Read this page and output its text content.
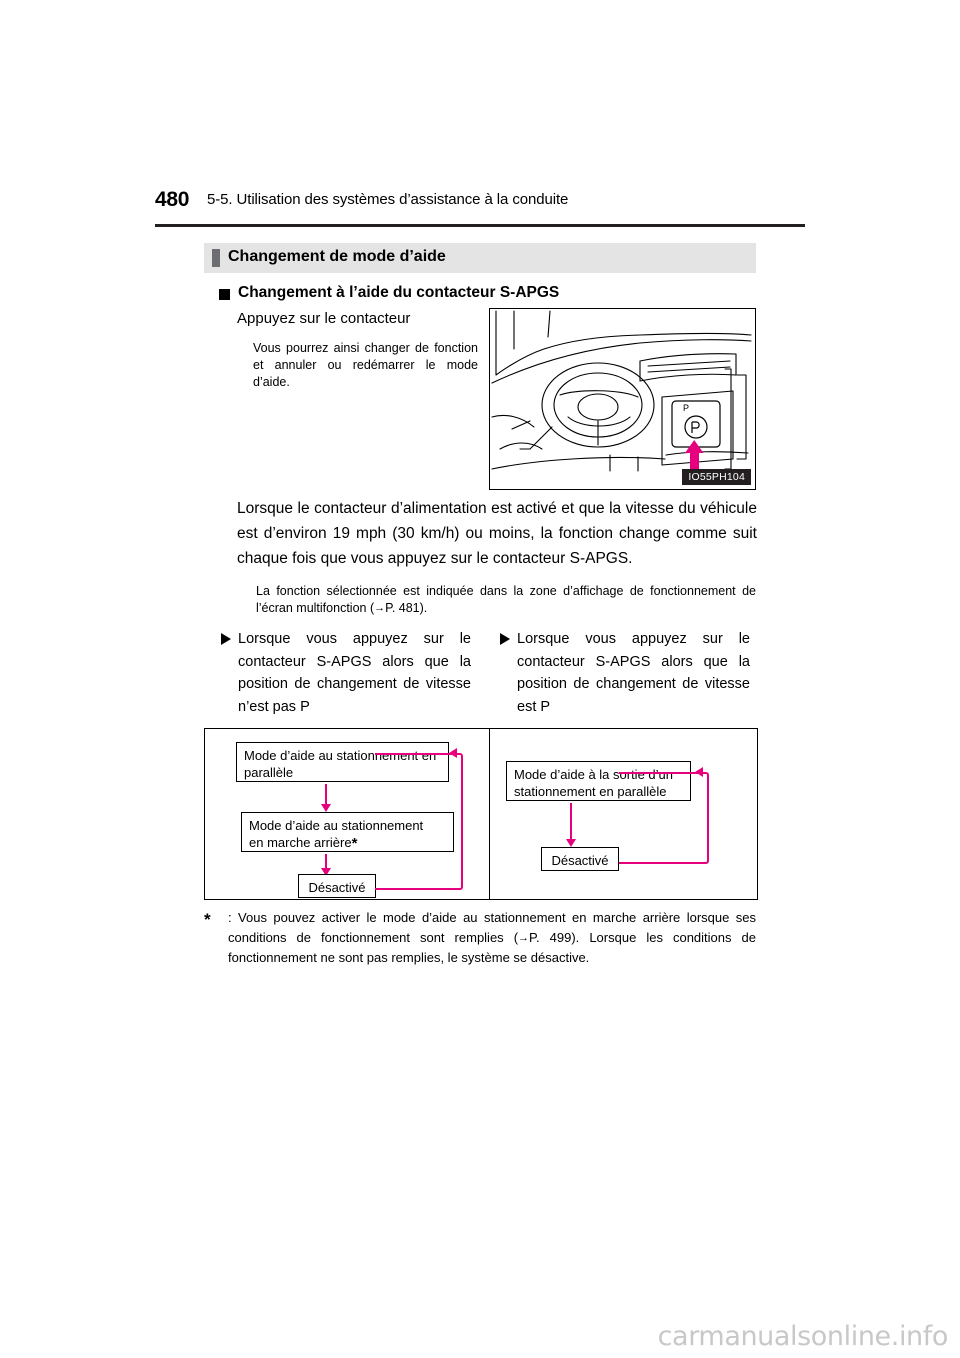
480 5-5. Utilisation des systèmes d’assistance à la conduite
Changement de mode d’aide
Changement à l’aide du contacteur S-APGS
Appuyez sur le contacteur
Vous pourrez ainsi changer de fonction et annuler ou redémarrer le mode d’aide.
P
IO55PH104
Lorsque le contacteur d’alimentation est activé et que la vitesse du véhicule est d’environ 19 mph (30 km/h) ou moins, la fonction change comme suit chaque fois que vous appuyez sur le contacteur S-APGS.
La fonction sélectionnée est indiquée dans la zone d’affichage de fonctionnement de l’écran multifonction (→P. 481).
Lorsque vous appuyez sur le contacteur S-APGS alors que la position de changement de vitesse n’est pas P
Lorsque vous appuyez sur le contacteur S-APGS alors que la position de changement de vitesse est P
Mode d’aide au stationnement en parallèle
Mode d’aide au stationnement
en marche arrière*
Désactivé
Mode d’aide à la sortie d’un stationnement en parallèle
Désactivé
* : Vous pouvez activer le mode d’aide au stationnement en marche arrière lorsque ses conditions de fonctionnement sont remplies (→P. 499). Lorsque les conditions de fonctionnement ne sont pas remplies, le système se désactive.
carmanualsonline.info
